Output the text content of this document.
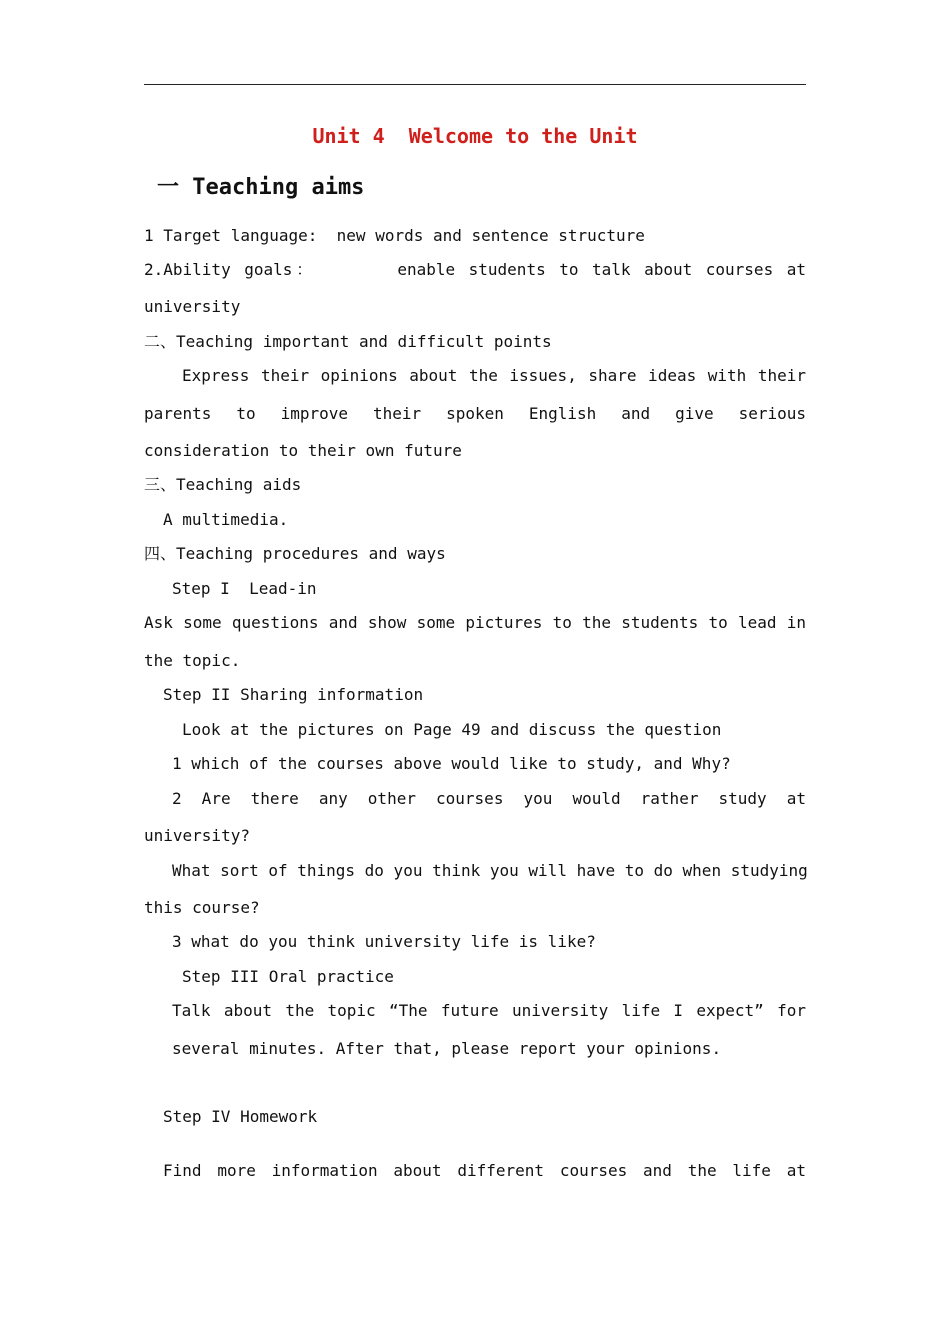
Unit 4  Welcome to the Unit
一 Teaching aims
1 Target language:  new words and sentence structure
2.Ability goals：      enable students to talk about courses at
university
二、Teaching important and difficult points
Express their opinions about the issues, share ideas with their
parents to improve their spoken English and give serious
consideration to their own future
三、Teaching aids
A multimedia.
四、Teaching procedures and ways
Step I  Lead-in
Ask some questions and show some pictures to the students to lead in
the topic.
Step II Sharing information
Look at the pictures on Page 49 and discuss the question
1 which of the courses above would like to study, and Why?
2 Are there any other courses you would rather study at
university?
What sort of things do you think you will have to do when studying
this course?
3 what do you think university life is like?
Step III Oral practice
Talk about the topic “The future university life I expect” for
several minutes. After that, please report your opinions.
Step IV Homework
Find more information about different courses and the life at
